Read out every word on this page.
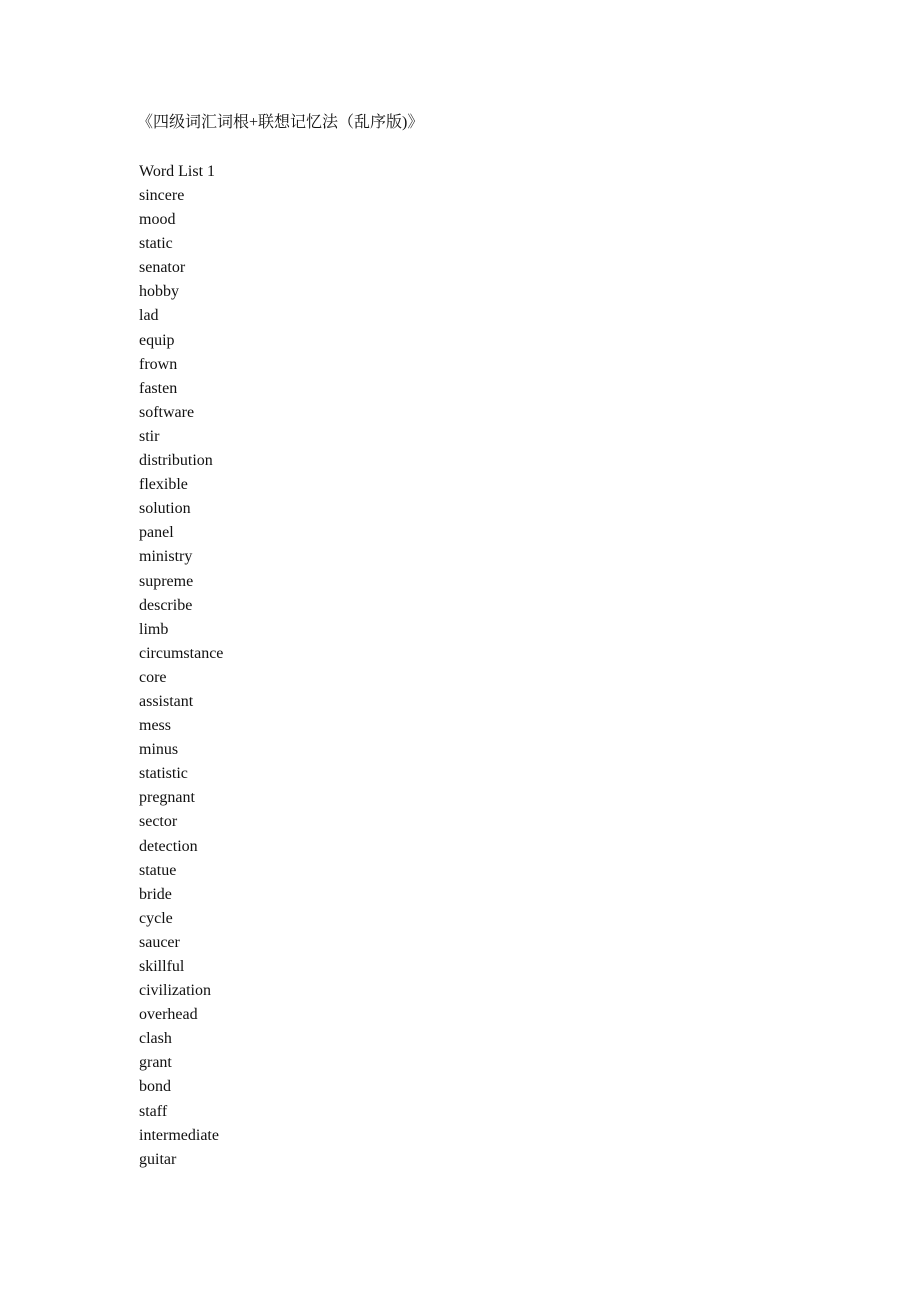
《四级词汇词根+联想记忆法（乱序版)》
Word List 1
sincere
mood
static
senator
hobby
lad
equip
frown
fasten
software
stir
distribution
flexible
solution
panel
ministry
supreme
describe
limb
circumstance
core
assistant
mess
minus
statistic
pregnant
sector
detection
statue
bride
cycle
saucer
skillful
civilization
overhead
clash
grant
bond
staff
intermediate
guitar
